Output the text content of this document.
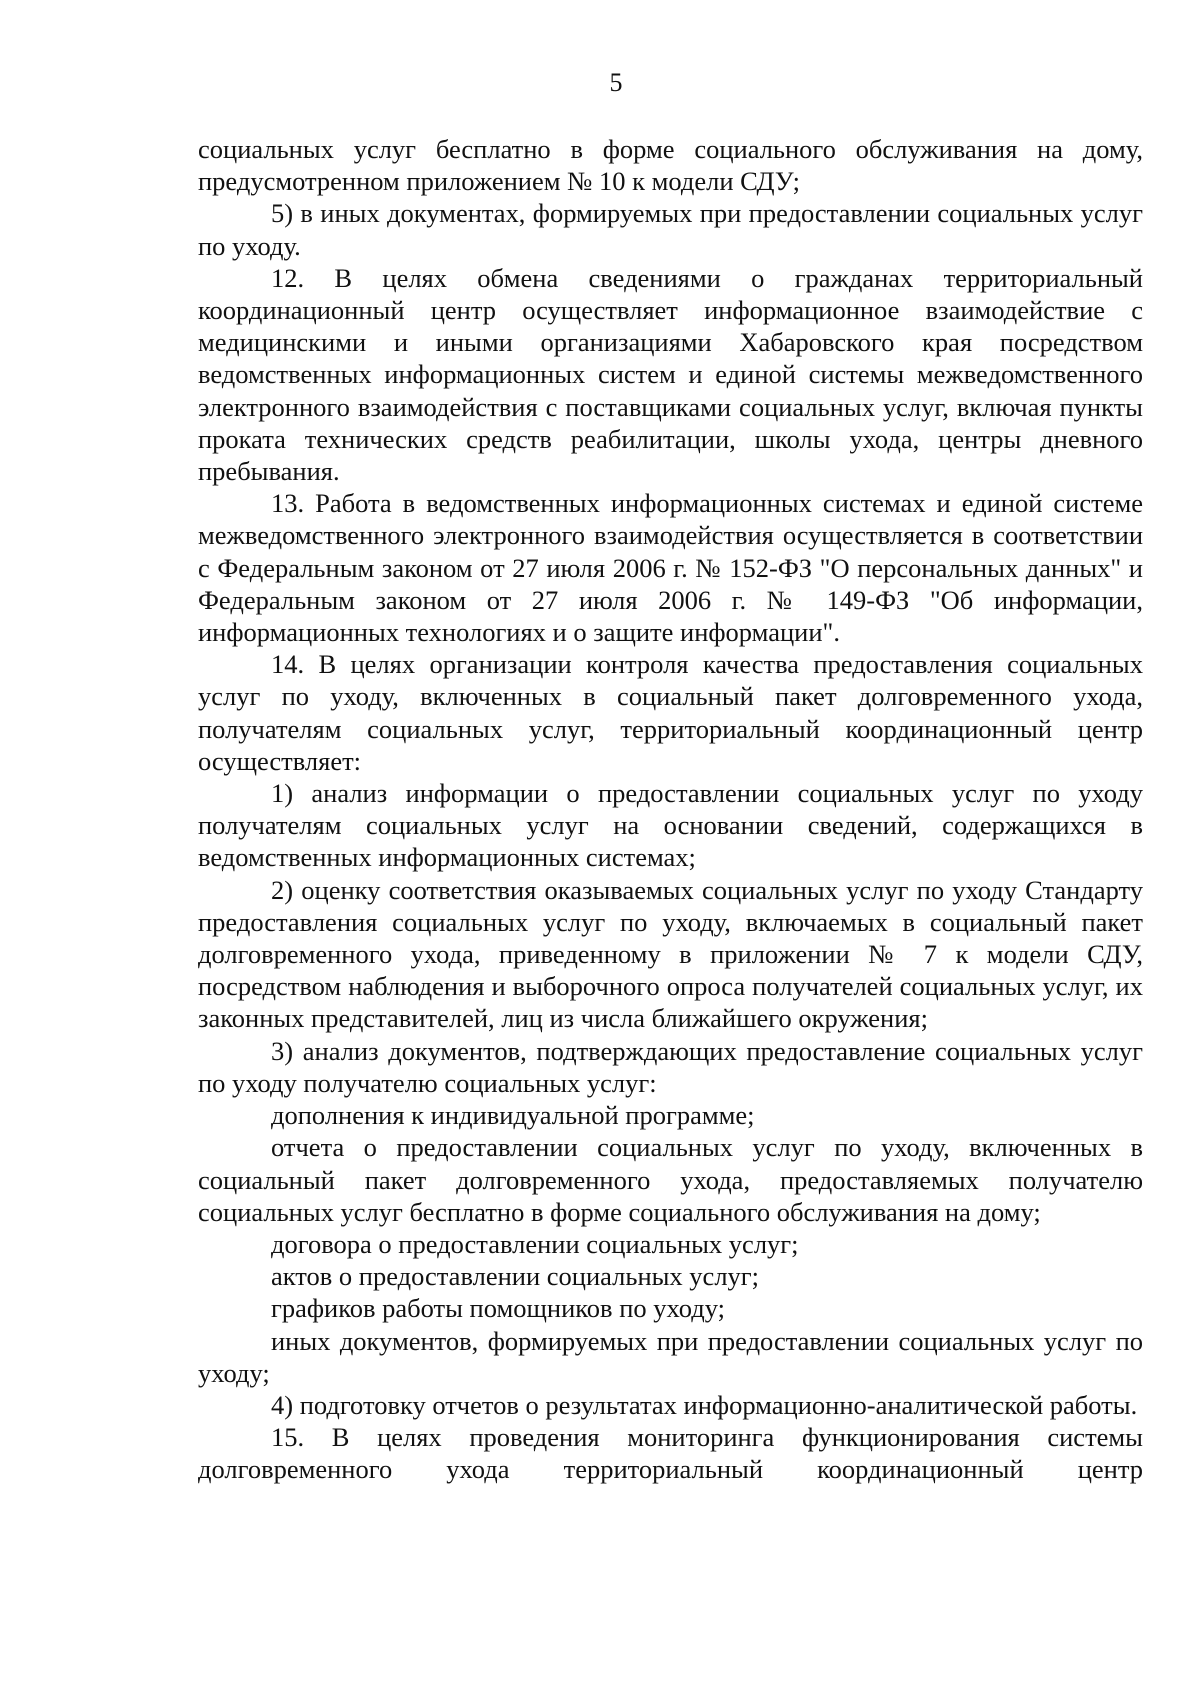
5

социальных услуг бесплатно в форме социального обслуживания на дому, предусмотренном приложением № 10 к модели СДУ;

5) в иных документах, формируемых при предоставлении социальных услуг по уходу.

12. В целях обмена сведениями о гражданах территориальный координационный центр осуществляет информационное взаимодействие с медицинскими и иными организациями Хабаровского края посредством ведомственных информационных систем и единой системы межведомственного электронного взаимодействия с поставщиками социальных услуг, включая пункты проката технических средств реабилитации, школы ухода, центры дневного пребывания.

13. Работа в ведомственных информационных системах и единой системе межведомственного электронного взаимодействия осуществляется в соответствии с Федеральным законом от 27 июля 2006 г. № 152-ФЗ "О персональных данных" и Федеральным законом от 27 июля 2006 г. № 149-ФЗ "Об информации, информационных технологиях и о защите информации".

14. В целях организации контроля качества предоставления социальных услуг по уходу, включенных в социальный пакет долговременного ухода, получателям социальных услуг, территориальный координационный центр осуществляет:

1) анализ информации о предоставлении социальных услуг по уходу получателям социальных услуг на основании сведений, содержащихся в ведомственных информационных системах;

2) оценку соответствия оказываемых социальных услуг по уходу Стандарту предоставления социальных услуг по уходу, включаемых в социальный пакет долговременного ухода, приведенному в приложении № 7 к модели СДУ, посредством наблюдения и выборочного опроса получателей социальных услуг, их законных представителей, лиц из числа ближайшего окружения;

3) анализ документов, подтверждающих предоставление социальных услуг по уходу получателю социальных услуг:

дополнения к индивидуальной программе;

отчета о предоставлении социальных услуг по уходу, включенных в социальный пакет долговременного ухода, предоставляемых получателю социальных услуг бесплатно в форме социального обслуживания на дому;

договора о предоставлении социальных услуг;

актов о предоставлении социальных услуг;

графиков работы помощников по уходу;

иных документов, формируемых при предоставлении социальных услуг по уходу;

4) подготовку отчетов о результатах информационно-аналитической работы.

15. В целях проведения мониторинга функционирования системы долговременного ухода территориальный координационный центр
